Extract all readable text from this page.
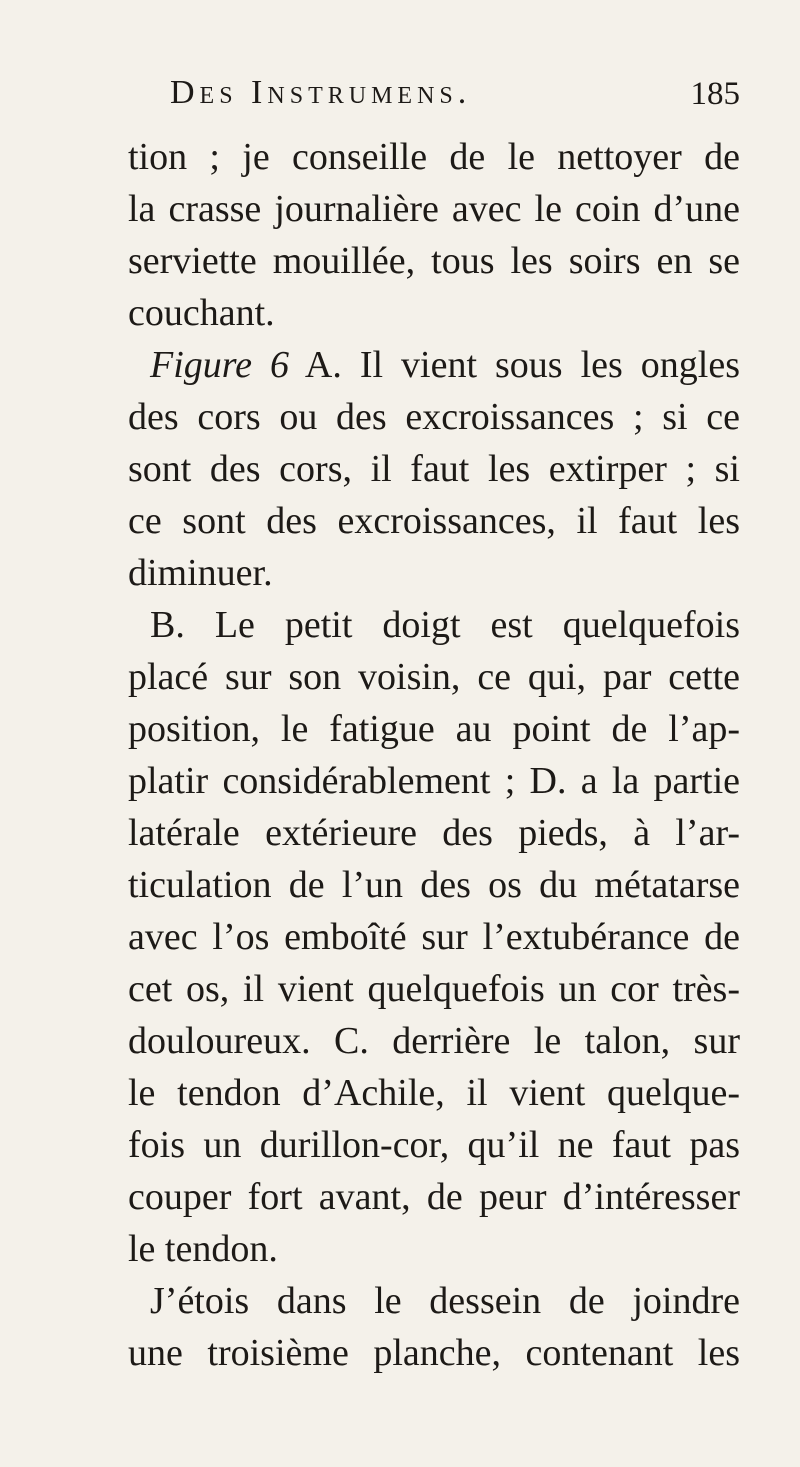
Des Instrumens.	185
tion ; je conseille de le nettoyer de
la crasse journalière avec le coin d’une
serviette mouillée, tous les soirs en se
couchant.
Figure 6 A. Il vient sous les ongles
des cors ou des excroissances ; si ce
sont des cors, il faut les extirper ; si
ce sont des excroissances, il faut les
diminuer.
B. Le petit doigt est quelquefois
placé sur son voisin, ce qui, par cette
position, le fatigue au point de l’ap-
platir considérablement ; D. a la partie
latérale extérieure des pieds, à l’ar-
ticulation de l’un des os du métatarse
avec l’os emboîté sur l’extubérance de
cet os, il vient quelquefois un cor très-
douloureux. C. derrière le talon, sur
le tendon d’Achile, il vient quelque-
fois un durillon-cor, qu’il ne faut pas
couper fort avant, de peur d’intéresser
le tendon.
J’étois dans le dessein de joindre
une troisième planche, contenant les
